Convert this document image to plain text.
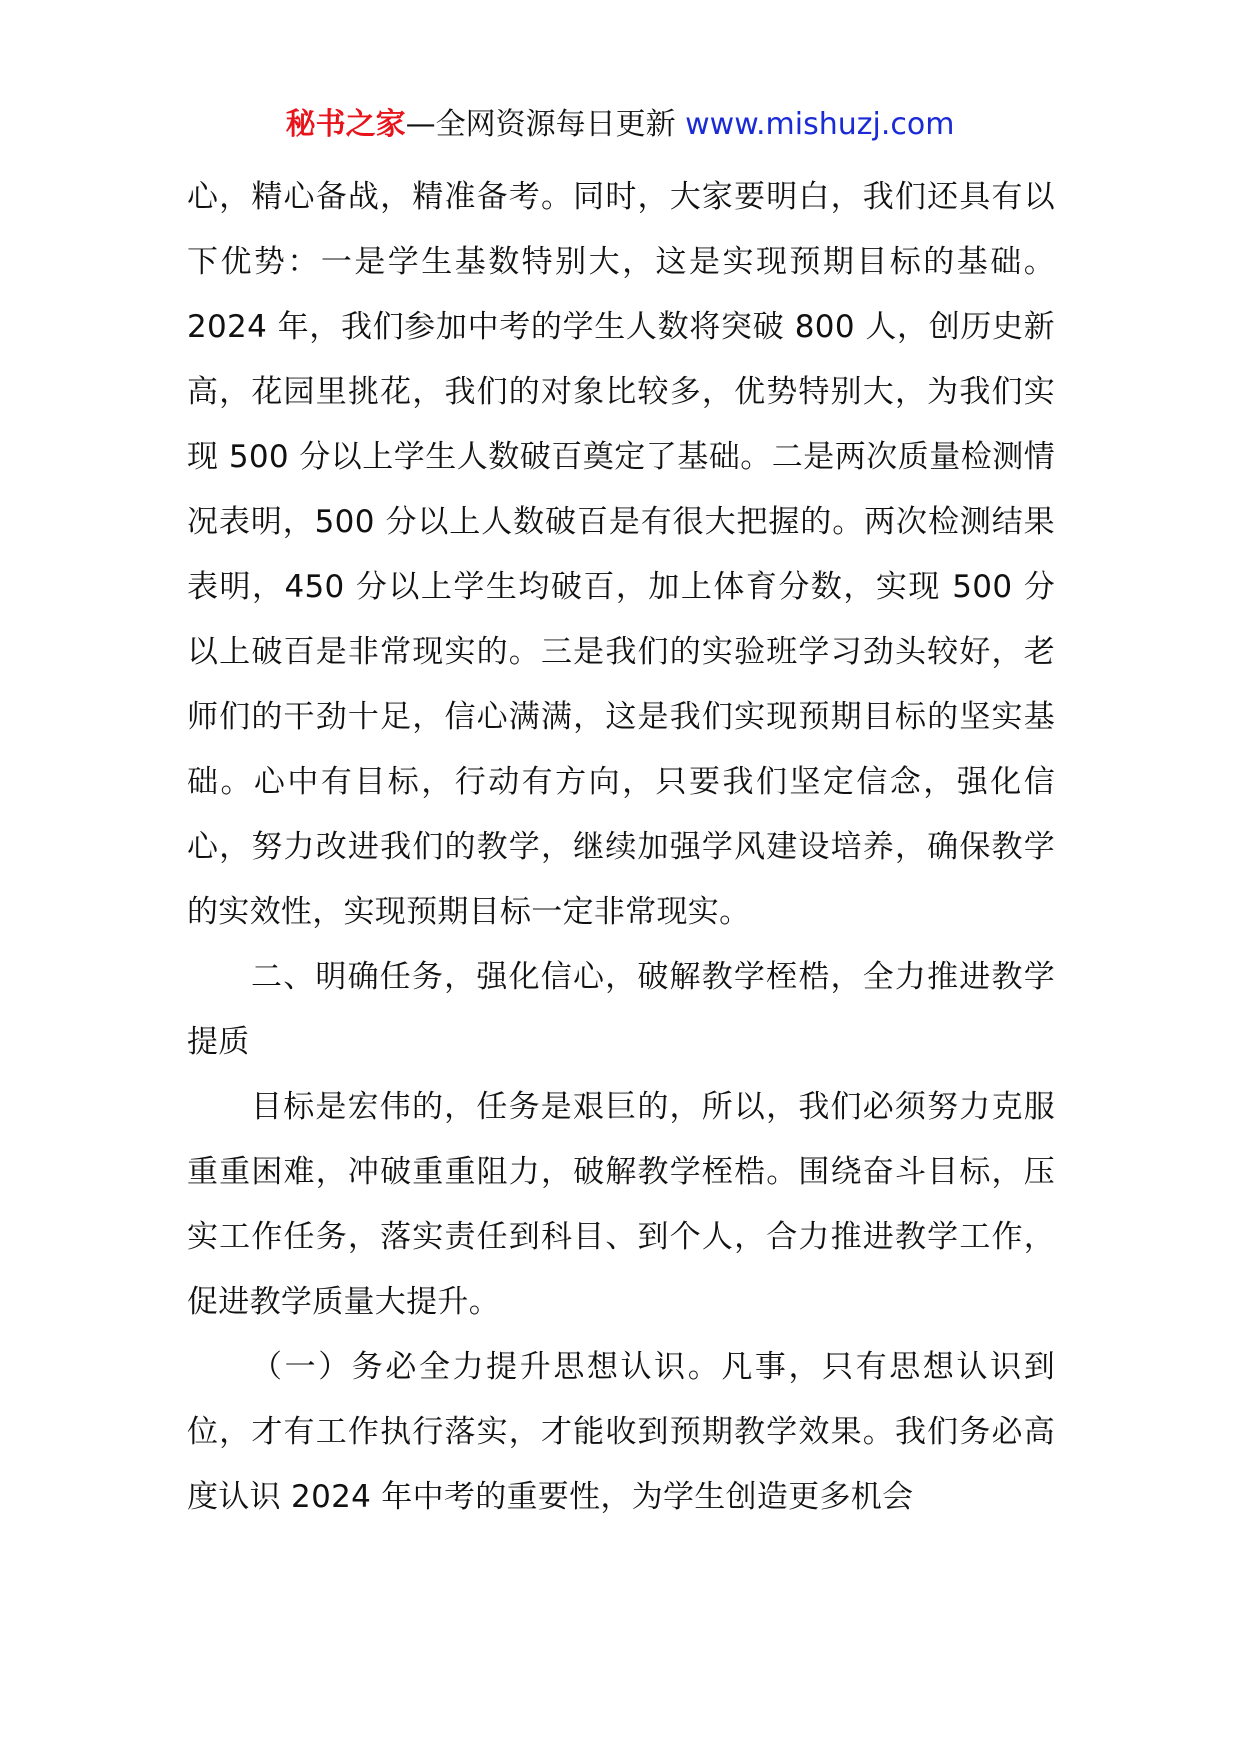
秘书之家—全网资源每日更新 www.mishuzj.com

心，精心备战，精准备考。同时，大家要明白，我们还具有以下优势：一是学生基数特别大，这是实现预期目标的基础。2024 年，我们参加中考的学生人数将突破 800 人，创历史新高，花园里挑花，我们的对象比较多，优势特别大，为我们实现 500 分以上学生人数破百奠定了基础。二是两次质量检测情况表明，500 分以上人数破百是有很大把握的。两次检测结果表明，450 分以上学生均破百，加上体育分数，实现 500 分以上破百是非常现实的。三是我们的实验班学习劲头较好，老师们的干劲十足，信心满满，这是我们实现预期目标的坚实基础。心中有目标，行动有方向，只要我们坚定信念，强化信心，努力改进我们的教学，继续加强学风建设培养，确保教学的实效性，实现预期目标一定非常现实。

二、明确任务，强化信心，破解教学桎梏，全力推进教学提质

目标是宏伟的，任务是艰巨的，所以，我们必须努力克服重重困难，冲破重重阻力，破解教学桎梏。围绕奋斗目标，压实工作任务，落实责任到科目、到个人，合力推进教学工作，促进教学质量大提升。

（一）务必全力提升思想认识。凡事，只有思想认识到位，才有工作执行落实，才能收到预期教学效果。我们务必高度认识 2024 年中考的重要性，为学生创造更多机会
